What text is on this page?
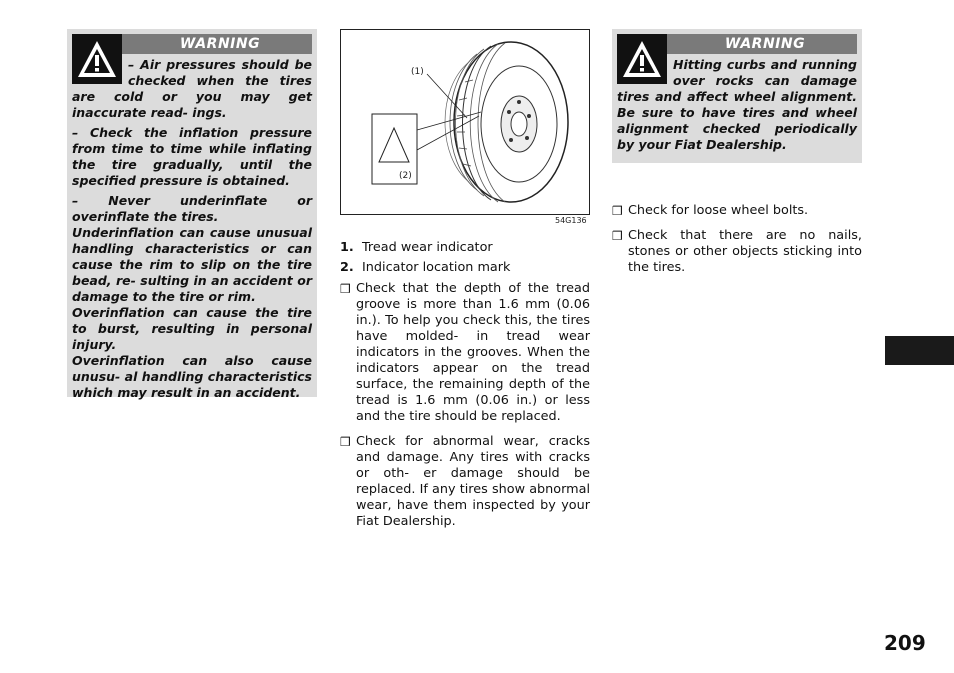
WARNING

– Air pressures should be checked when the tires are cold or you may get inaccurate read- ings.

– Check the inflation pressure from time to time while inflating the tire gradually, until the specified pressure is obtained.

– Never underinflate or overinflate the tires.

Underinflation can cause unusual handling characteristics or can cause the rim to slip on the tire bead, re- sulting in an accident or damage to the tire or rim.

Overinflation can cause the tire to burst, resulting in personal injury.

Overinflation can also cause unusu- al handling characteristics which may result in an accident.

(1)
(2)
54G136
1. Tread wear indicator
2. Indicator location mark
❒ Check that the depth of the tread groove is more than 1.6 mm (0.06 in.). To help you check this, the tires have molded- in tread wear indicators in the grooves. When the indicators appear on the tread surface, the remaining depth of the tread is 1.6 mm (0.06 in.) or less and the tire should be replaced.
❒ Check for abnormal wear, cracks and damage. Any tires with cracks or oth- er damage should be replaced. If any tires show abnormal wear, have them inspected by your Fiat Dealership.
WARNING

Hitting curbs and running over rocks can damage tires and affect wheel alignment. Be sure to have tires and wheel alignment checked periodically by your Fiat Dealership.

❒ Check for loose wheel bolts.
❒ Check that there are no nails, stones or other objects sticking into the tires.
209
